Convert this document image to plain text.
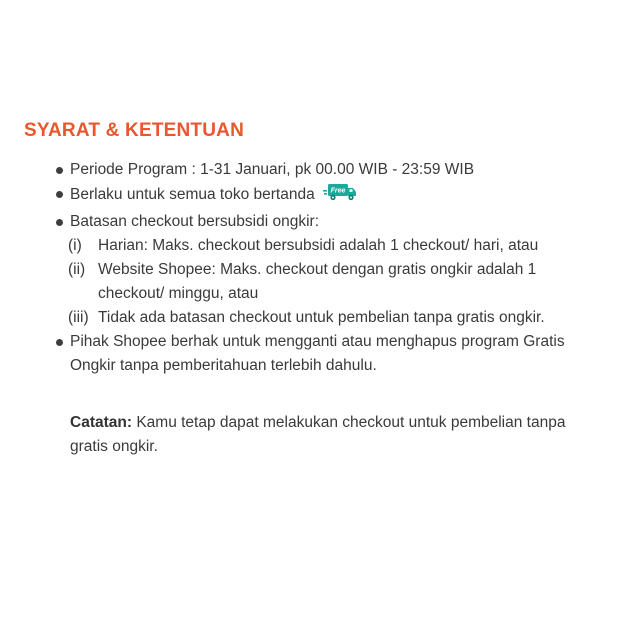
SYARAT & KETENTUAN
Periode Program : 1-31 Januari, pk 00.00 WIB - 23:59 WIB
Berlaku untuk semua toko bertanda Free
Batasan checkout bersubsidi ongkir:
(i) Harian: Maks. checkout bersubsidi adalah 1 checkout/ hari, atau
(ii) Website Shopee: Maks. checkout dengan gratis ongkir adalah 1 checkout/ minggu, atau
(iii) Tidak ada batasan checkout untuk pembelian tanpa gratis ongkir.
Pihak Shopee berhak untuk mengganti atau menghapus program Gratis Ongkir tanpa pemberitahuan terlebih dahulu.
Catatan: Kamu tetap dapat melakukan checkout untuk pembelian tanpa gratis ongkir.
